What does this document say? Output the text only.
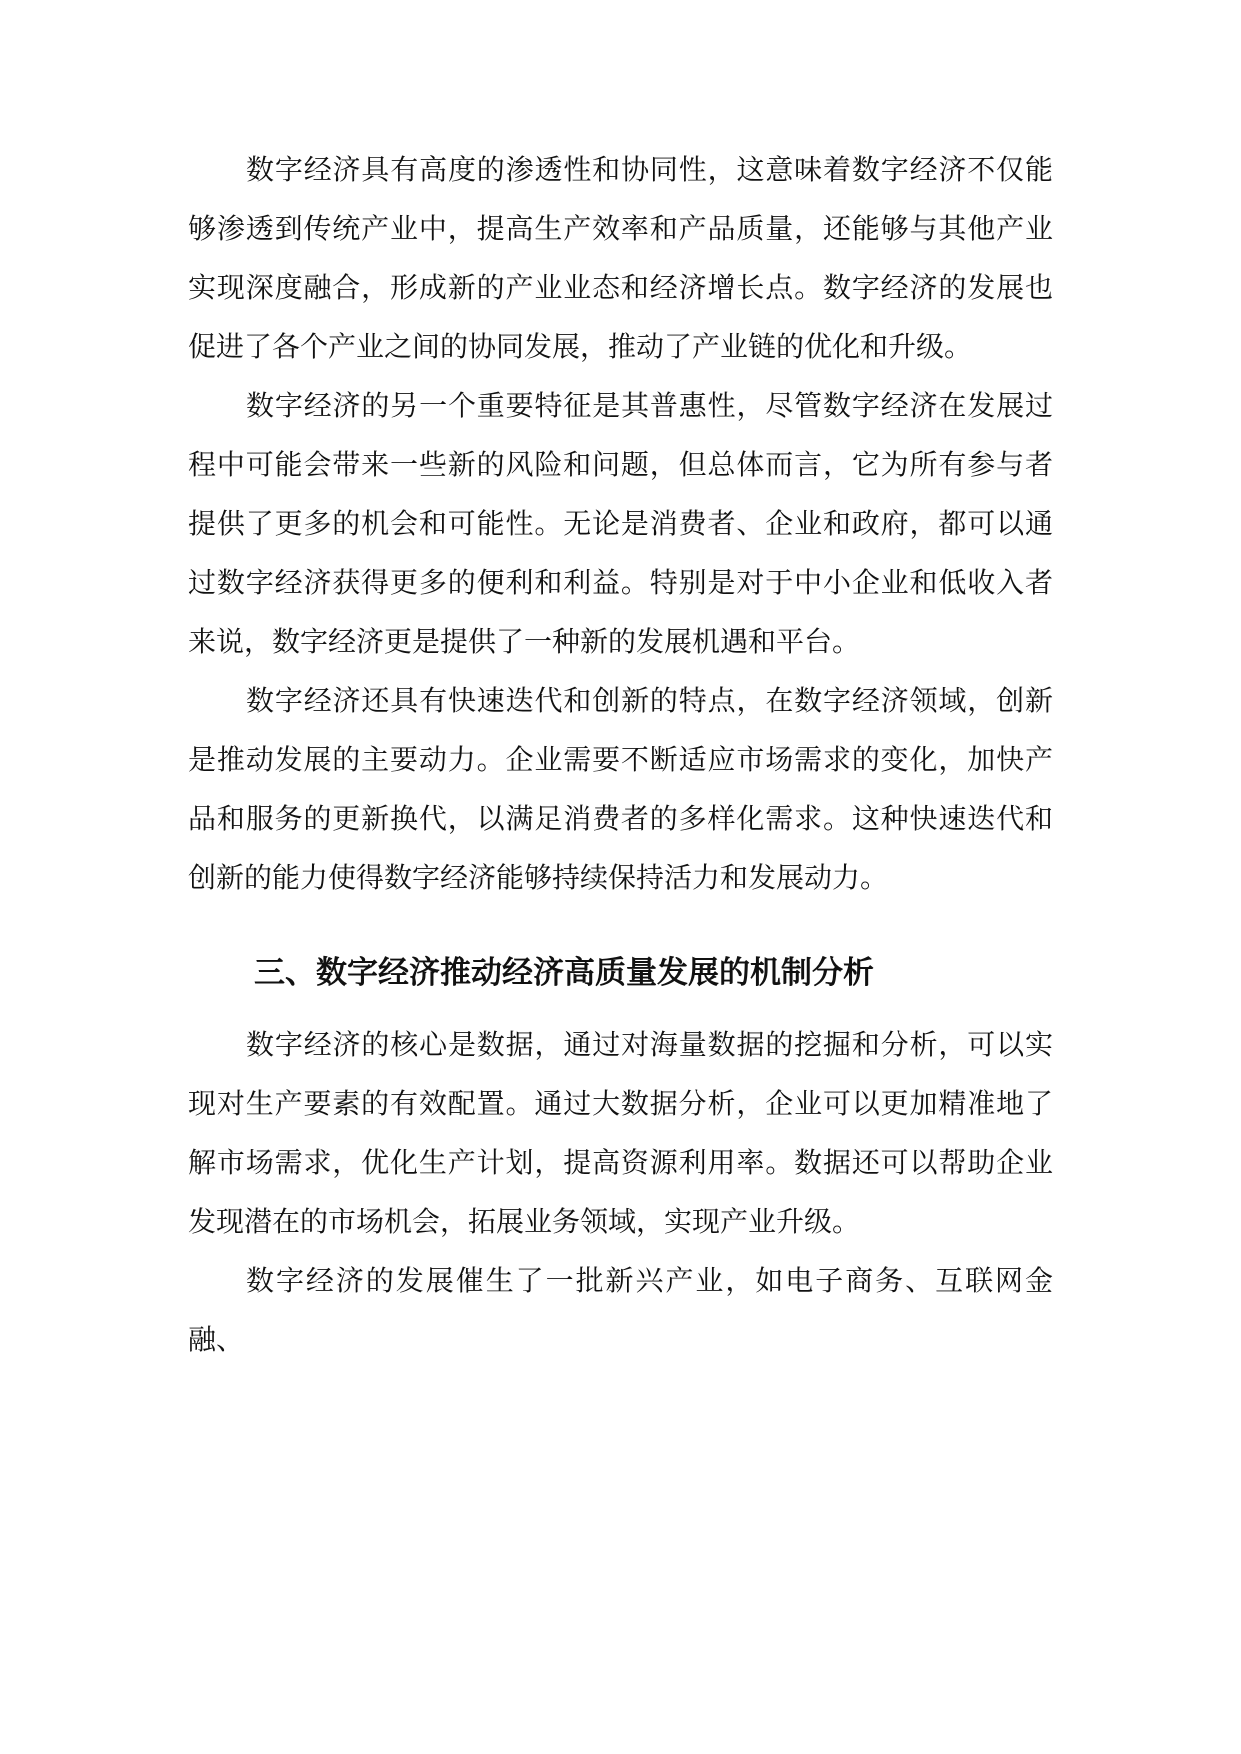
数字经济具有高度的渗透性和协同性，这意味着数字经济不仅能够渗透到传统产业中，提高生产效率和产品质量，还能够与其他产业实现深度融合，形成新的产业业态和经济增长点。数字经济的发展也促进了各个产业之间的协同发展，推动了产业链的优化和升级。

数字经济的另一个重要特征是其普惠性，尽管数字经济在发展过程中可能会带来一些新的风险和问题，但总体而言，它为所有参与者提供了更多的机会和可能性。无论是消费者、企业和政府，都可以通过数字经济获得更多的便利和利益。特别是对于中小企业和低收入者来说，数字经济更是提供了一种新的发展机遇和平台。

数字经济还具有快速迭代和创新的特点，在数字经济领域，创新是推动发展的主要动力。企业需要不断适应市场需求的变化，加快产品和服务的更新换代，以满足消费者的多样化需求。这种快速迭代和创新的能力使得数字经济能够持续保持活力和发展动力。

三、数字经济推动经济高质量发展的机制分析

数字经济的核心是数据，通过对海量数据的挖掘和分析，可以实现对生产要素的有效配置。通过大数据分析，企业可以更加精准地了解市场需求，优化生产计划，提高资源利用率。数据还可以帮助企业发现潜在的市场机会，拓展业务领域，实现产业升级。

数字经济的发展催生了一批新兴产业，如电子商务、互联网金融、
